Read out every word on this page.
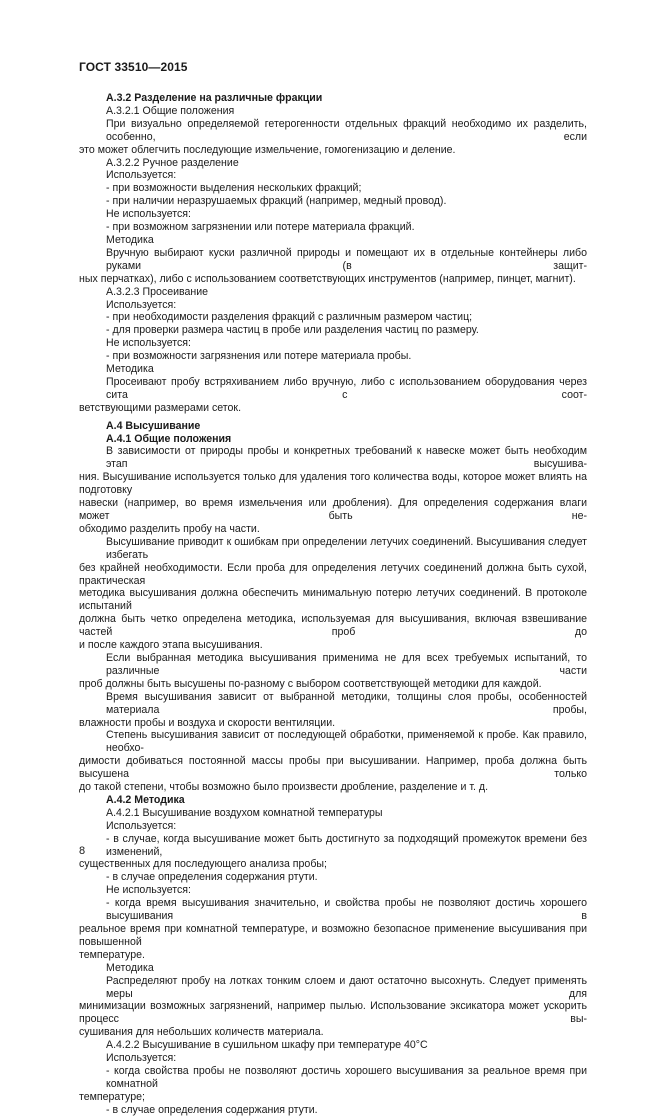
ГОСТ 33510—2015

А.3.2 Разделение на различные фракции

А.3.2.1 Общие положения

При визуально определяемой гетерогенности отдельных фракций необходимо их разделить, особенно, если

это может облегчить последующие измельчение, гомогенизацию и деление.

А.3.2.2 Ручное разделение

Используется:

- при возможности выделения нескольких фракций;

- при наличии неразрушаемых фракций (например, медный провод).

Не используется:

- при возможном загрязнении или потере материала фракций.

Методика

Вручную выбирают куски различной природы и помещают их в отдельные контейнеры либо руками (в защит-

ных перчатках), либо с использованием соответствующих инструментов (например, пинцет, магнит).

А.3.2.3 Просеивание

Используется:

- при необходимости разделения фракций с различным размером частиц;

- для проверки размера частиц в пробе или разделения частиц по размеру.

Не используется:

- при возможности загрязнения или потере материала пробы.

Методика

Просеивают пробу встряхиванием либо вручную, либо с использованием оборудования через сита с соот-

ветствующими размерами сеток.

А.4 Высушивание

А.4.1 Общие положения

В зависимости от природы пробы и конкретных требований к навеске может быть необходим этап высушива-

ния. Высушивание используется только для удаления того количества воды, которое может влиять на подготовку

навески (например, во время измельчения или дробления). Для определения содержания влаги может быть не-

обходимо разделить пробу на части.

Высушивание приводит к ошибкам при определении летучих соединений. Высушивания следует избегать

без крайней необходимости. Если проба для определения летучих соединений должна быть сухой, практическая

методика высушивания должна обеспечить минимальную потерю летучих соединений. В протоколе испытаний

должна быть четко определена методика, используемая для высушивания, включая взвешивание частей проб до

и после каждого этапа высушивания.

Если выбранная методика высушивания применима не для всех требуемых испытаний, то различные части

проб должны быть высушены по-разному с выбором соответствующей методики для каждой.

Время высушивания зависит от выбранной методики, толщины слоя пробы, особенностей материала пробы,

влажности пробы и воздуха и скорости вентиляции.

Степень высушивания зависит от последующей обработки, применяемой к пробе. Как правило, необхо-

димости добиваться постоянной массы пробы при высушивании. Например, проба должна быть высушена только

до такой степени, чтобы возможно было произвести дробление, разделение и т. д.

А.4.2 Методика

А.4.2.1 Высушивание воздухом комнатной температуры

Используется:

- в случае, когда высушивание может быть достигнуто за подходящий промежуток времени без изменений,

существенных для последующего анализа пробы;

- в случае определения содержания ртути.

Не используется:

- когда время высушивания значительно, и свойства пробы не позволяют достичь хорошего высушивания в

реальное время при комнатной температуре, и возможно безопасное применение высушивания при повышенной

температуре.

Методика

Распределяют пробу на лотках тонким слоем и дают остаточно высохнуть. Следует применять меры для

минимизации возможных загрязнений, например пылью. Использование эксикатора может ускорить процесс вы-

сушивания для небольших количеств материала.

А.4.2.2 Высушивание в сушильном шкафу при температуре 40°С

Используется:

- когда свойства пробы не позволяют достичь хорошего высушивания за реальное время при комнатной

температуре;

- в случае определения содержания ртути.

8
